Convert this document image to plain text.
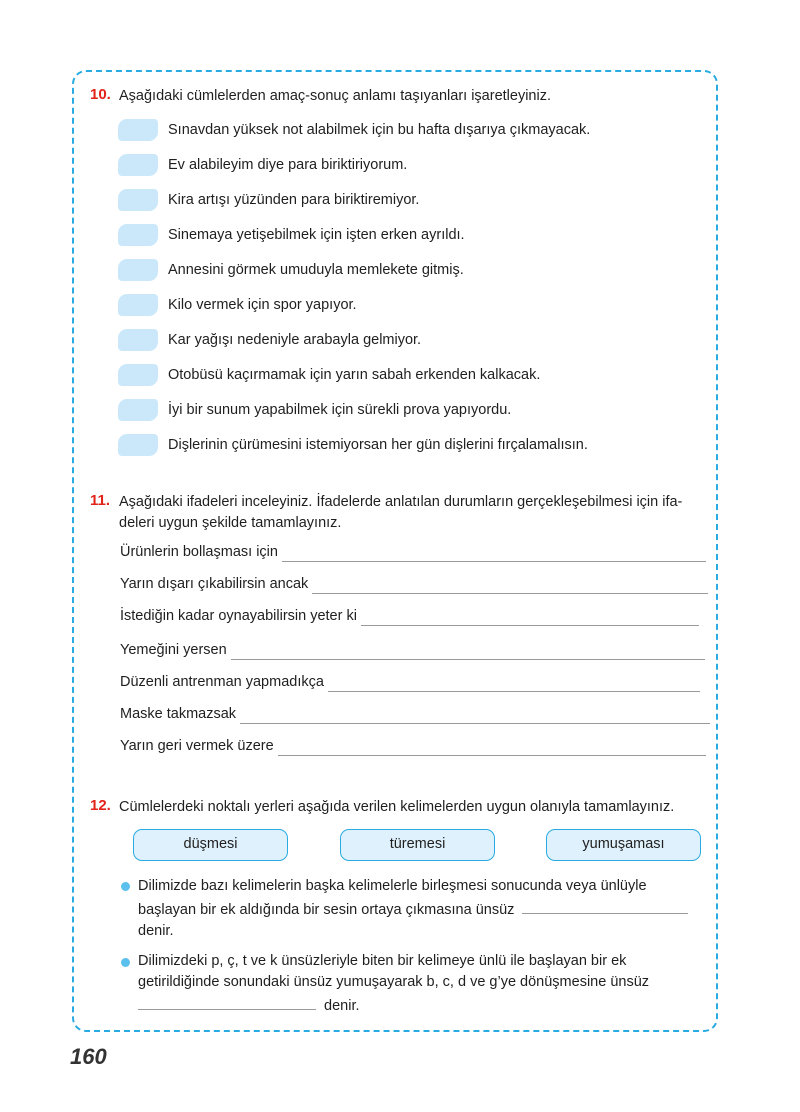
10. Aşağıdaki cümlelerden amaç-sonuç anlamı taşıyanları işaretleyiniz.
Sınavdan yüksek not alabilmek için bu hafta dışarıya çıkmayacak.
Ev alabileyim diye para biriktiriyorum.
Kira artışı yüzünden para biriktiremiyor.
Sinemaya yetişebilmek için işten erken ayrıldı.
Annesini görmek umuduyla memlekete gitmiş.
Kilo vermek için spor yapıyor.
Kar yağışı nedeniyle arabayla gelmiyor.
Otobüsü kaçırmamak için yarın sabah erkenden kalkacak.
İyi bir sunum yapabilmek için sürekli prova yapıyordu.
Dişlerinin çürümesini istemiyorsan her gün dişlerini fırçalamalısın.
11. Aşağıdaki ifadeleri inceleyiniz. İfadelerde anlatılan durumların gerçekleşebilmesi için ifa-
deleri uygun şekilde tamamlayınız.
Ürünlerin bollaşması için
Yarın dışarı çıkabilirsin ancak
İstediğin kadar oynayabilirsin yeter ki
Yemeğini yersen
Düzenli antrenman yapmadıkça
Maske takmazsak
Yarın geri vermek üzere
12. Cümlelerdeki noktalı yerleri aşağıda verilen kelimelerden uygun olanıyla tamamlayınız.
düşmesi	türemesi	yumuşaması
Dilimizde bazı kelimelerin başka kelimelerle birleşmesi sonucunda veya ünlüyle
başlayan bir ek aldığında bir sesin ortaya çıkmasına ünsüz
denir.
Dilimizdeki p, ç, t ve k ünsüzleriyle biten bir kelimeye ünlü ile başlayan bir ek
getirildiğinde sonundaki ünsüz yumuşayarak b, c, d ve g’ye dönüşmesine ünsüz
denir.
160
